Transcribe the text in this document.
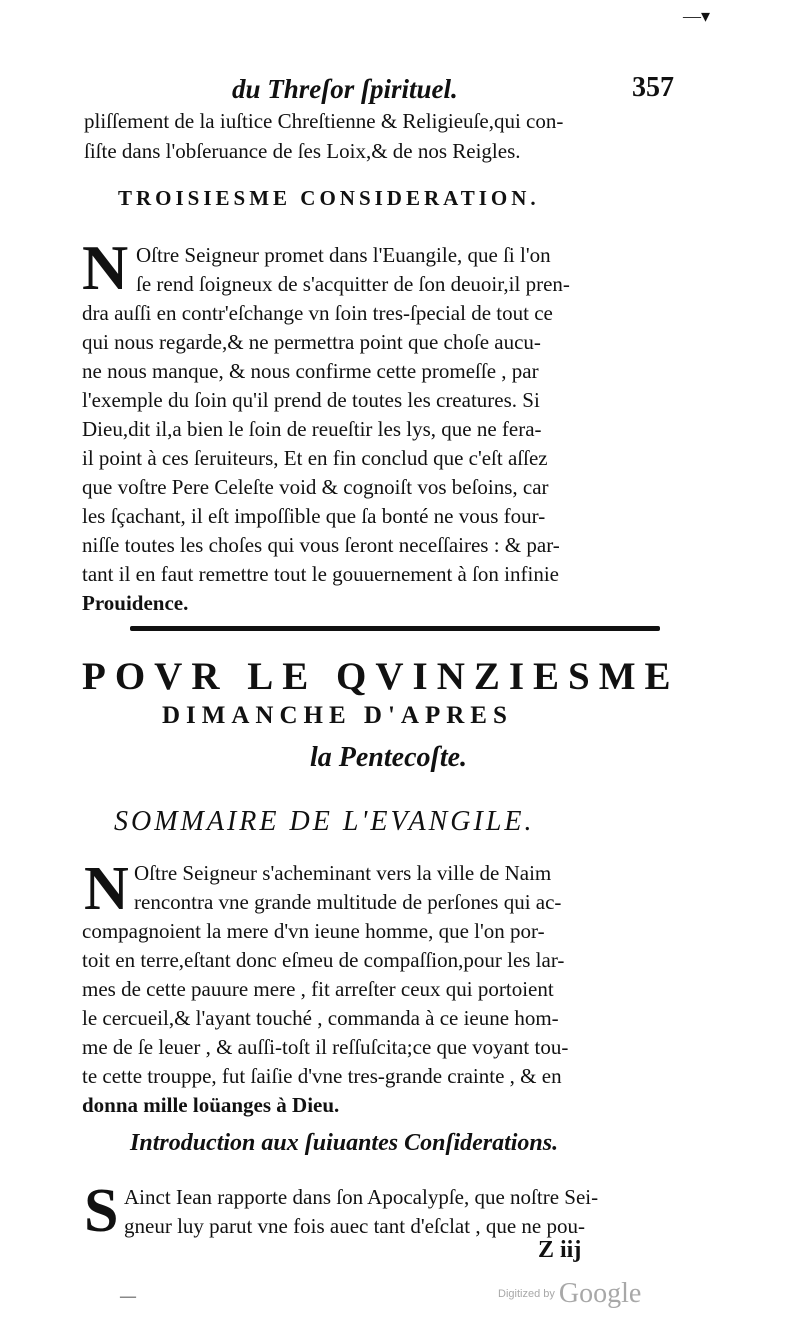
—▾
du Threſor ſpirituel.	357
pliſſement de la iuſtice Chreſtienne & Religieuſe,qui con-
ſiſte dans l'obſeruance de ſes Loix,& de nos Reigles.
TROISIESME CONSIDERATION.
N Oſtre Seigneur promet dans l'Euangile, que ſi l'on
ſe rend ſoigneux de s'acquitter de ſon deuoir,il pren-
dra auſſi en contr'eſchange vn ſoin tres-ſpecial de tout ce
qui nous regarde,& ne permettra point que choſe aucu-
ne nous manque, & nous confirme cette promeſſe , par
l'exemple du ſoin qu'il prend de toutes les creatures. Si
Dieu,dit il,a bien le ſoin de reueſtir les lys, que ne fera-
il point à ces ſeruiteurs, Et en fin conclud que c'eſt aſſez
que voſtre Pere Celeſte void & cognoiſt vos beſoins, car
les ſçachant, il eſt impoſſible que ſa bonté ne vous four-
niſſe toutes les choſes qui vous ſeront neceſſaires : & par-
tant il en faut remettre tout le gouuernement à ſon infinie
Prouidence.
POVR LE QVINZIESME
DIMANCHE D'APRES
la Pentecoſte.
SOMMAIRE DE L'EVANGILE.
N Oſtre Seigneur s'acheminant vers la ville de Naim
rencontra vne grande multitude de perſones qui ac-
compagnoient la mere d'vn ieune homme, que l'on por-
toit en terre,eſtant donc eſmeu de compaſſion,pour les lar-
mes de cette pauure mere , fit arreſter ceux qui portoient
le cercueil,& l'ayant touché , commanda à ce ieune hom-
me de ſe leuer , & auſſi-toſt il reſſuſcita;ce que voyant tou-
te cette trouppe, fut ſaiſie d'vne tres-grande crainte , & en
donna mille loüanges à Dieu.
Introduction aux ſuiuantes Conſiderations.
S Ainct Iean rapporte dans ſon Apocalypſe, que noſtre Sei-
gneur luy parut vne fois auec tant d'eſclat , que ne pou-
Z iij
—	Digitized by Google
